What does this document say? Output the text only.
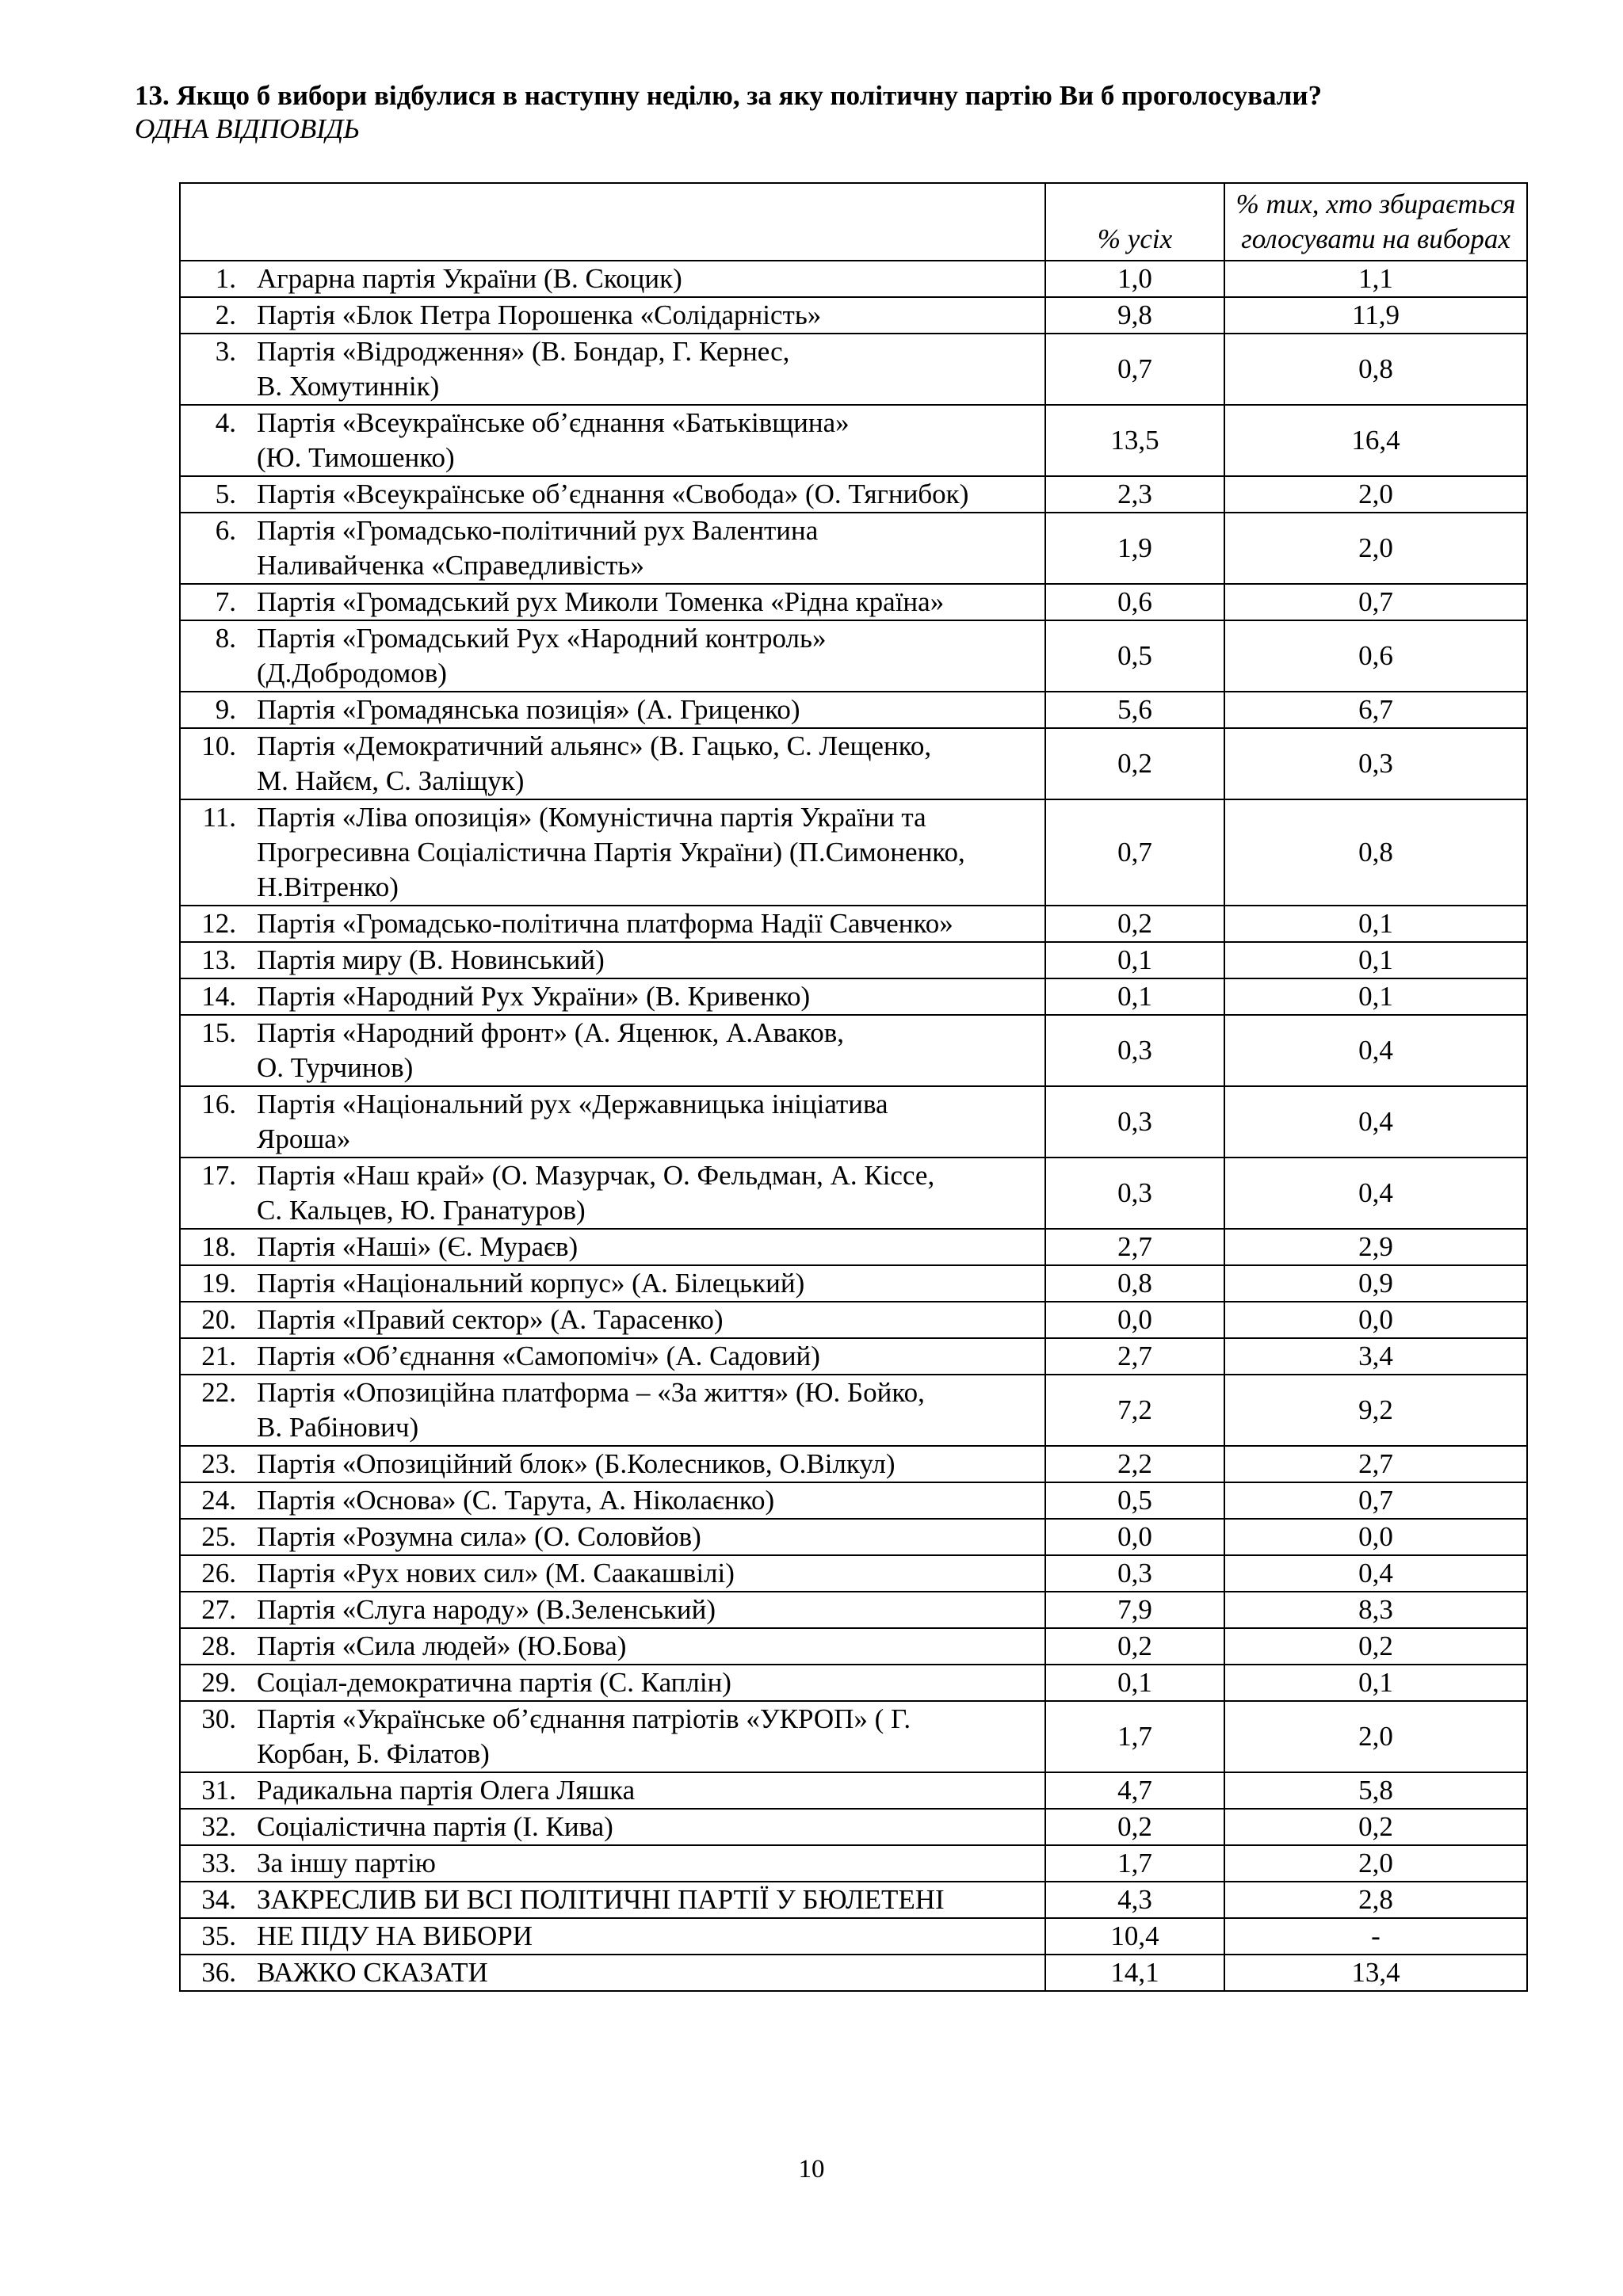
13. Якщо б вибори відбулися в наступну неділю, за яку політичну партію Ви б проголосували?
ОДНА ВІДПОВІДЬ
	% усіх	% тих, хто збирається голосувати на виборах

1. Аграрна партія України (В. Скоцик)	1,0	1,1

2. Партія «Блок Петра Порошенка «Солідарність»	9,8	11,9

3. Партія «Відродження» (В. Бондар, Г. Кернес,
В. Хомутиннік)	0,7	0,8

4. Партія «Всеукраїнське об’єднання «Батьківщина»
(Ю. Тимошенко)	13,5	16,4

5. Партія «Всеукраїнське об’єднання «Свобода» (О. Тягнибок)	2,3	2,0

6. Партія «Громадсько-політичний рух Валентина
Наливайченка «Справедливість»	1,9	2,0

7. Партія «Громадський рух Миколи Томенка «Рідна країна»	0,6	0,7

8. Партія «Громадський Рух «Народний контроль»
(Д.Добродомов)	0,5	0,6

9. Партія «Громадянська позиція» (А. Гриценко)	5,6	6,7

10. Партія «Демократичний альянс» (В. Гацько, С. Лещенко,
М. Найєм, С. Заліщук)	0,2	0,3

11. Партія «Ліва опозиція» (Комуністична партія України та
Прогресивна Соціалістична Партія України) (П.Симоненко,
Н.Вітренко)	0,7	0,8

12. Партія «Громадсько-політична платформа Надії Савченко»	0,2	0,1

13. Партія миру (В. Новинський)	0,1	0,1

14. Партія «Народний Рух України» (В. Кривенко)	0,1	0,1

15. Партія «Народний фронт» (А. Яценюк, А.Аваков,
О. Турчинов)	0,3	0,4

16. Партія «Національний рух «Державницька ініціатива
Яроша»	0,3	0,4

17. Партія «Наш край» (О. Мазурчак, О. Фельдман, А. Кіссе,
С. Кальцев, Ю. Гранатуров)	0,3	0,4

18. Партія «Наші» (Є. Мураєв)	2,7	2,9

19. Партія «Національний корпус» (А. Білецький)	0,8	0,9

20. Партія «Правий сектор» (А. Тарасенко)	0,0	0,0

21. Партія «Об’єднання «Самопоміч» (А. Садовий)	2,7	3,4

22. Партія «Опозиційна платформа – «За життя» (Ю. Бойко,
В. Рабінович)	7,2	9,2

23. Партія «Опозиційний блок» (Б.Колесников, О.Вілкул)	2,2	2,7

24. Партія «Основа» (С. Тарута, А. Ніколаєнко)	0,5	0,7

25. Партія «Розумна сила» (О. Соловйов)	0,0	0,0

26. Партія «Рух нових сил» (М. Саакашвілі)	0,3	0,4

27. Партія «Слуга народу» (В.Зеленський)	7,9	8,3

28. Партія «Сила людей» (Ю.Бова)	0,2	0,2

29. Соціал-демократична партія (С. Каплін)	0,1	0,1

30. Партія «Українське об’єднання патріотів «УКРОП» ( Г.
Корбан, Б. Філатов)	1,7	2,0

31. Радикальна партія Олега Ляшка	4,7	5,8

32. Соціалістична партія (І. Кива)	0,2	0,2

33. За іншу партію	1,7	2,0

34. ЗАКРЕСЛИВ БИ ВСІ ПОЛІТИЧНІ ПАРТІЇ У БЮЛЕТЕНІ	4,3	2,8

35. НЕ ПІДУ НА ВИБОРИ	10,4	-

36. ВАЖКО СКАЗАТИ	14,1	13,4
10
